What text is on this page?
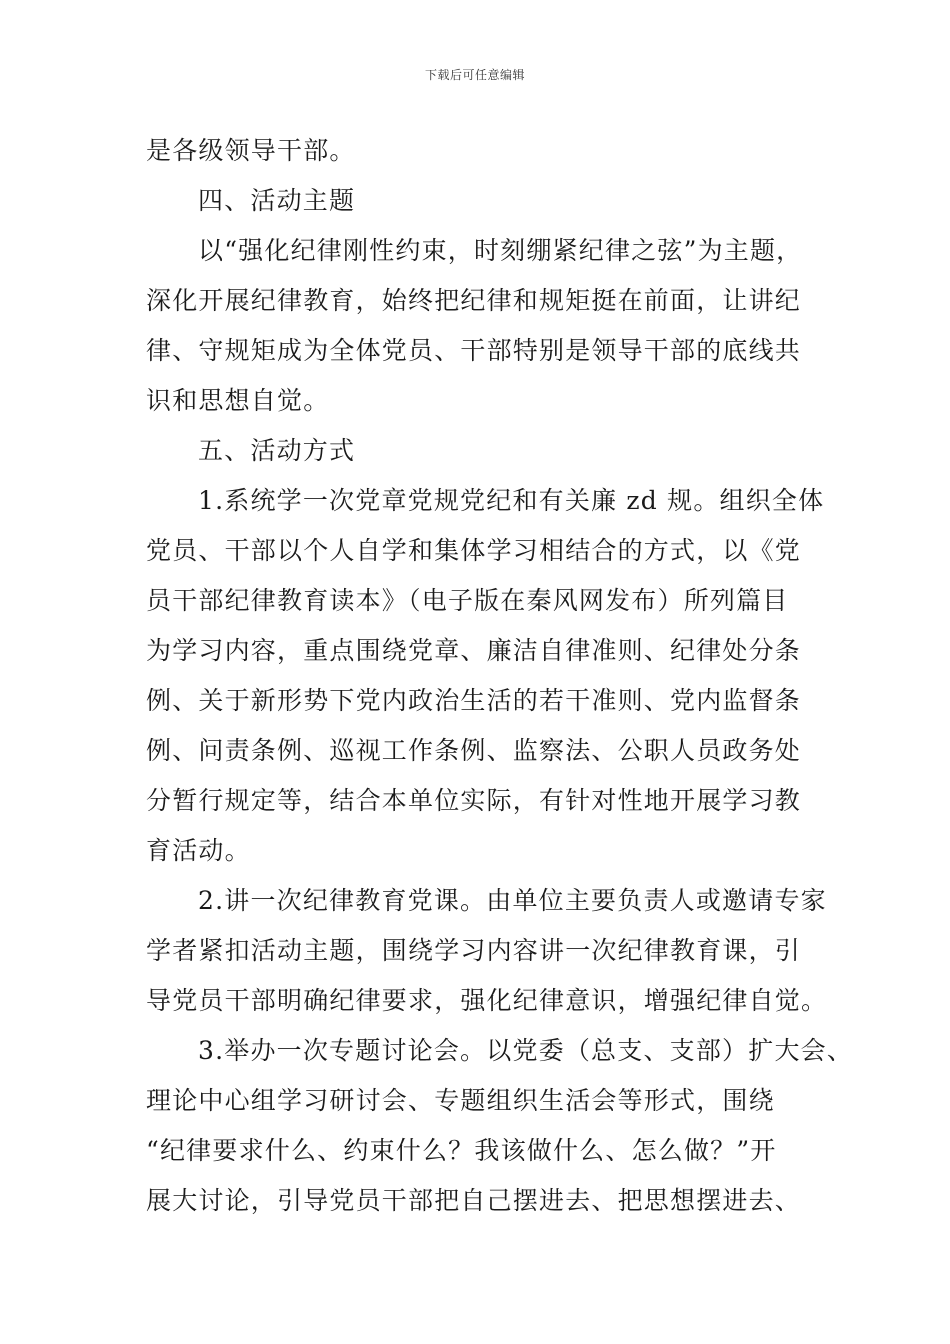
下载后可任意编辑
是各级领导干部。
四、活动主题
以“强化纪律刚性约束，时刻绷紧纪律之弦”为主题，
深化开展纪律教育，始终把纪律和规矩挺在前面，让讲纪
律、守规矩成为全体党员、干部特别是领导干部的底线共
识和思想自觉。
五、活动方式
1.系统学一次党章党规党纪和有关廉 zd 规。组织全体
党员、干部以个人自学和集体学习相结合的方式，以《党
员干部纪律教育读本》（电子版在秦风网发布）所列篇目
为学习内容，重点围绕党章、廉洁自律准则、纪律处分条
例、关于新形势下党内政治生活的若干准则、党内监督条
例、问责条例、巡视工作条例、监察法、公职人员政务处
分暂行规定等，结合本单位实际，有针对性地开展学习教
育活动。
2.讲一次纪律教育党课。由单位主要负责人或邀请专家
学者紧扣活动主题，围绕学习内容讲一次纪律教育课，引
导党员干部明确纪律要求，强化纪律意识，增强纪律自觉。
3.举办一次专题讨论会。以党委（总支、支部）扩大会、
理论中心组学习研讨会、专题组织生活会等形式，围绕
“纪律要求什么、约束什么？我该做什么、怎么做？”开
展大讨论，引导党员干部把自己摆进去、把思想摆进去、
